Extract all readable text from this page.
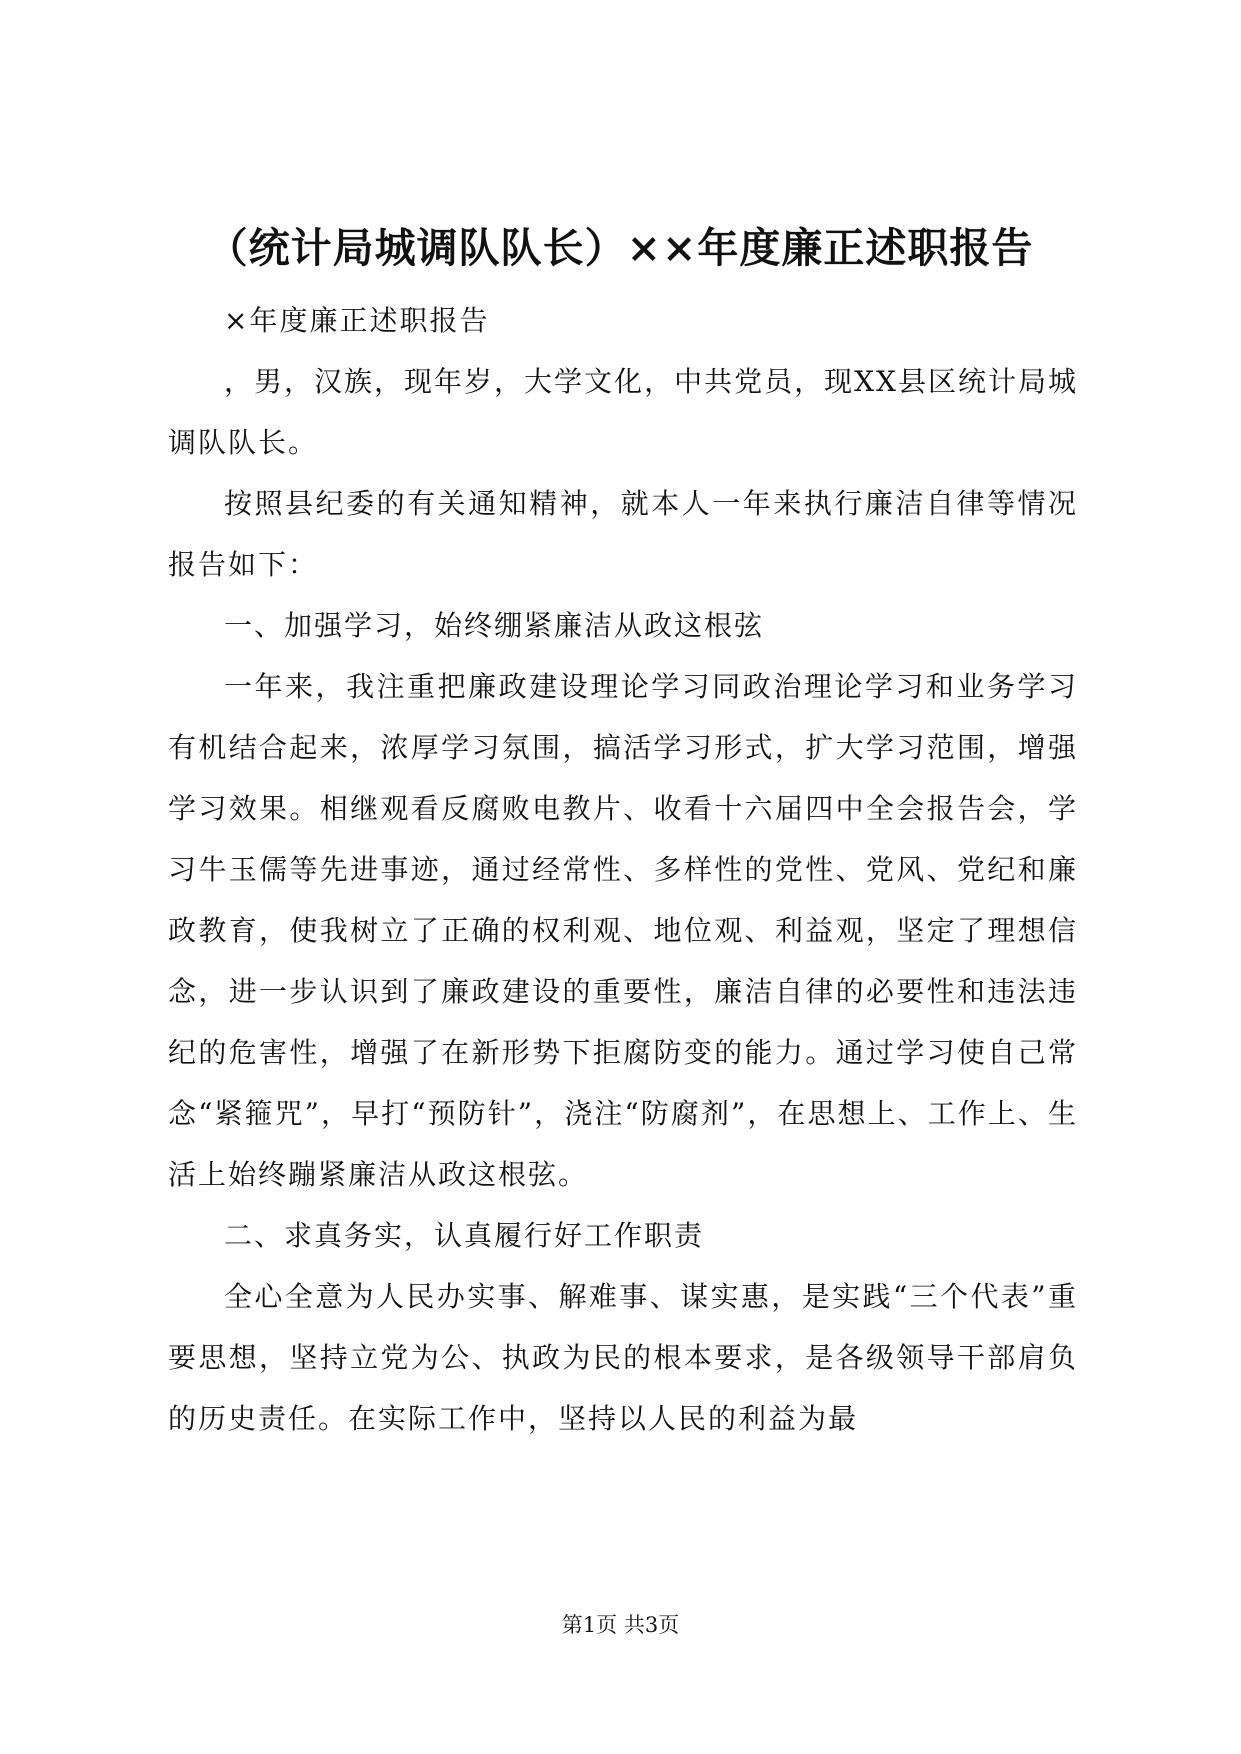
（统计局城调队队长）××年度廉正述职报告

×年度廉正述职报告

，男，汉族，现年岁，大学文化，中共党员，现XX县区统计局城调队队长。

按照县纪委的有关通知精神，就本人一年来执行廉洁自律等情况报告如下：

一、加强学习，始终绷紧廉洁从政这根弦

一年来，我注重把廉政建设理论学习同政治理论学习和业务学习有机结合起来，浓厚学习氛围，搞活学习形式，扩大学习范围，增强学习效果。相继观看反腐败电教片、收看十六届四中全会报告会，学习牛玉儒等先进事迹，通过经常性、多样性的党性、党风、党纪和廉政教育，使我树立了正确的权利观、地位观、利益观，坚定了理想信念，进一步认识到了廉政建设的重要性，廉洁自律的必要性和违法违纪的危害性，增强了在新形势下拒腐防变的能力。通过学习使自己常念“紧箍咒”，早打“预防针”，浇注“防腐剂”，在思想上、工作上、生活上始终蹦紧廉洁从政这根弦。

二、求真务实，认真履行好工作职责

全心全意为人民办实事、解难事、谋实惠，是实践“三个代表”重要思想，坚持立党为公、执政为民的根本要求，是各级领导干部肩负的历史责任。在实际工作中，坚持以人民的利益为最

第1页 共3页
